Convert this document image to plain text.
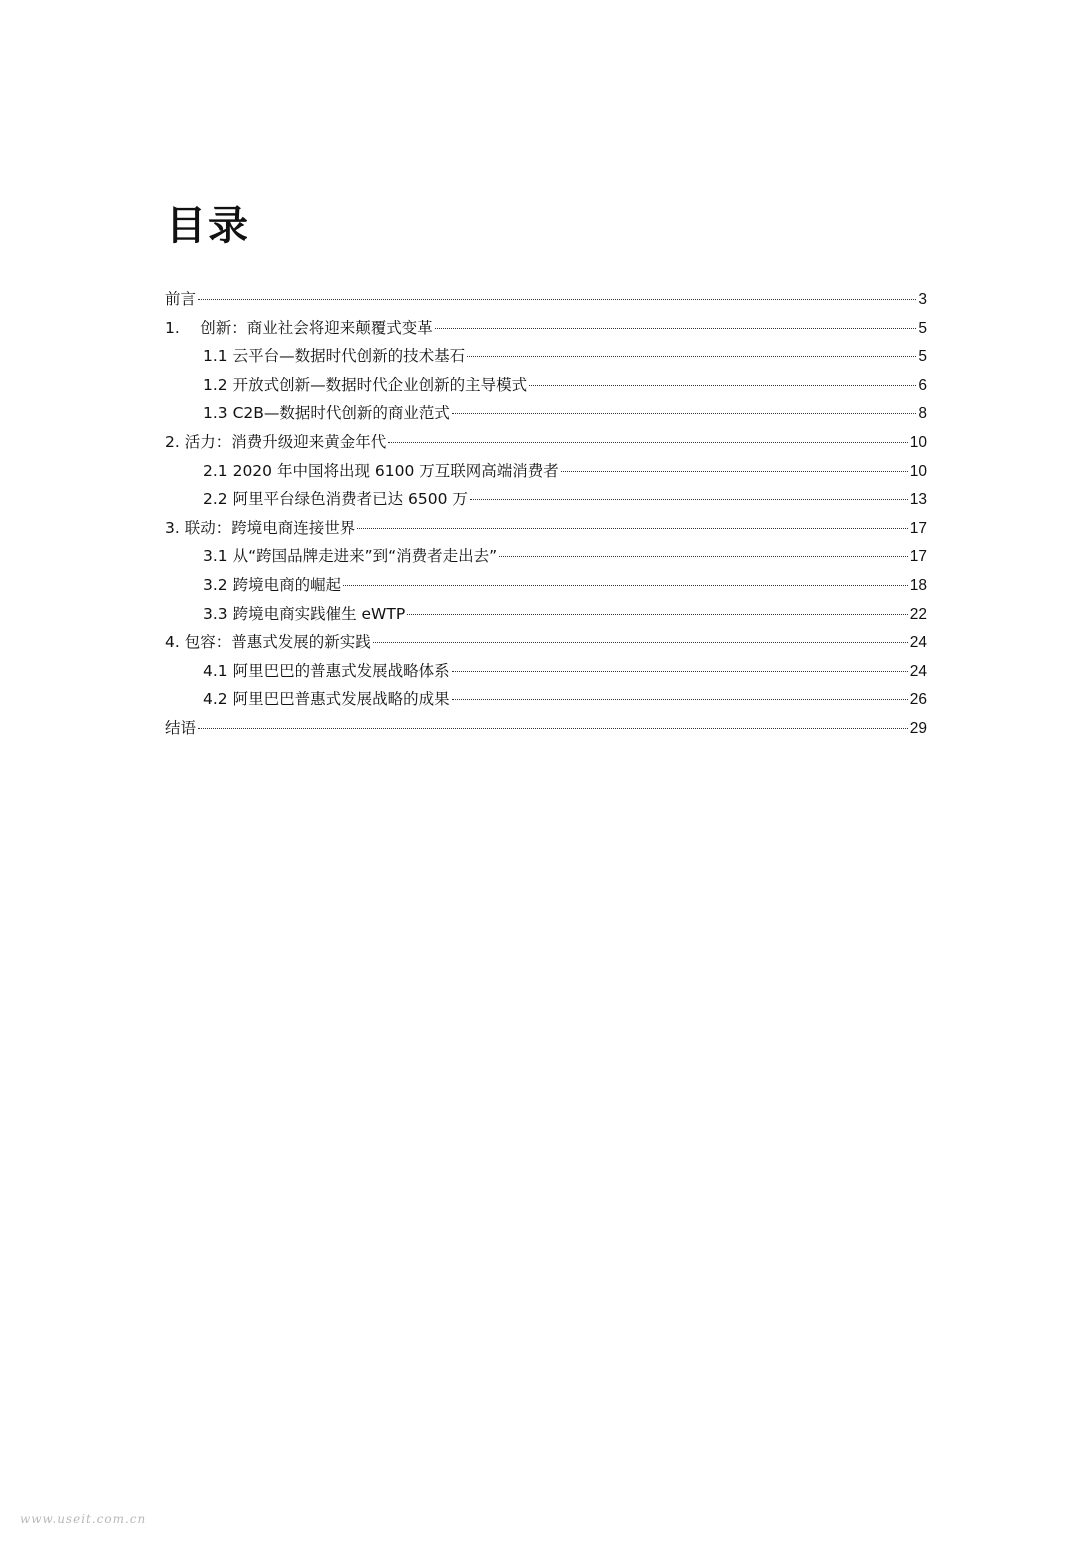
目录
前言	3
1.　 创新：商业社会将迎来颠覆式变革	5
1.1 云平台—数据时代创新的技术基石	5
1.2 开放式创新—数据时代企业创新的主导模式	6
1.3 C2B—数据时代创新的商业范式	8
2. 活力：消费升级迎来黄金年代	10
2.1 2020 年中国将出现 6100 万互联网高端消费者	10
2.2 阿里平台绿色消费者已达 6500 万	13
3. 联动：跨境电商连接世界	17
3.1 从“跨国品牌走进来”到“消费者走出去”	17
3.2 跨境电商的崛起	18
3.3 跨境电商实践催生 eWTP	22
4. 包容：普惠式发展的新实践	24
4.1 阿里巴巴的普惠式发展战略体系	24
4.2 阿里巴巴普惠式发展战略的成果	26
结语	29
www.useit.com.cn
